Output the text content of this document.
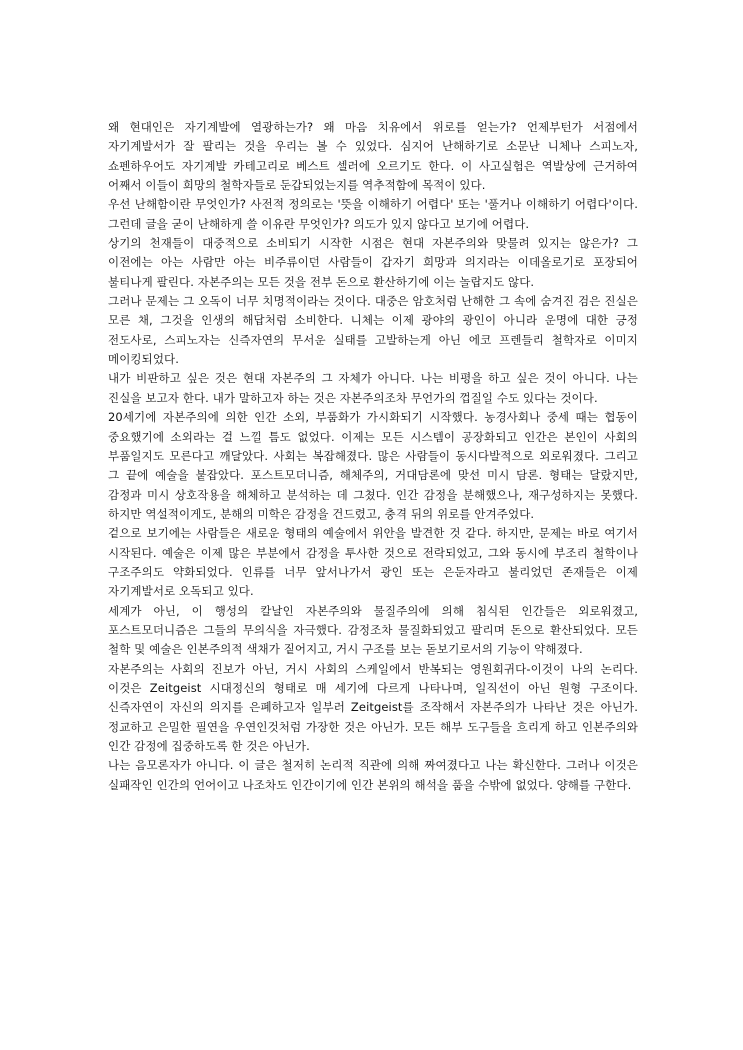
왜 현대인은 자기계발에 열광하는가? 왜 마음 치유에서 위로를 얻는가? 언제부턴가 서점에서 자기계발서가 잘 팔리는 것을 우리는 볼 수 있었다. 심지어 난해하기로 소문난 니체나 스피노자, 쇼펜하우어도 자기계발 카테고리로 베스트 셀러에 오르기도 한다. 이 사고실험은 역발상에 근거하여 어째서 이들이 희망의 철학자들로 둔갑되었는지를 역추적함에 목적이 있다.

우선 난해함이란 무엇인가? 사전적 정의로는 '뜻을 이해하기 어렵다' 또는 '풀거나 이해하기 어렵다'이다. 그런데 글을 굳이 난해하게 쓸 이유란 무엇인가? 의도가 있지 않다고 보기에 어렵다.

상기의 천재들이 대중적으로 소비되기 시작한 시점은 현대 자본주의와 맞물려 있지는 않은가? 그 이전에는 아는 사람만 아는 비주류이던 사람들이 갑자기 희망과 의지라는 이데올로기로 포장되어 불티나게 팔린다. 자본주의는 모든 것을 전부 돈으로 환산하기에 이는 놀랍지도 않다.

그러나 문제는 그 오독이 너무 치명적이라는 것이다. 대중은 암호처럼 난해한 그 속에 숨겨진 검은 진실은 모른 채, 그것을 인생의 해답처럼 소비한다. 니체는 이제 광야의 광인이 아니라 운명에 대한 긍정 전도사로, 스피노자는 신즉자연의 무서운 실태를 고발하는게 아닌 에코 프렌들리 철학자로 이미지 메이킹되었다.

내가 비판하고 싶은 것은 현대 자본주의 그 자체가 아니다. 나는 비평을 하고 싶은 것이 아니다. 나는 진실을 보고자 한다. 내가 말하고자 하는 것은 자본주의조차 무언가의 껍질일 수도 있다는 것이다.

20세기에 자본주의에 의한 인간 소외, 부품화가 가시화되기 시작했다. 농경사회나 중세 때는 협동이 중요했기에 소외라는 걸 느낄 틈도 없었다. 이제는 모든 시스템이 공장화되고 인간은 본인이 사회의 부품일지도 모른다고 깨달았다. 사회는 복잡해졌다. 많은 사람들이 동시다발적으로 외로워졌다. 그리고 그 끝에 예술을 붙잡았다. 포스트모더니즘, 해체주의, 거대담론에 맞선 미시 담론. 형태는 달랐지만, 감정과 미시 상호작용을 해체하고 분석하는 데 그쳤다. 인간 감정을 분해했으나, 재구성하지는 못했다. 하지만 역설적이게도, 분해의 미학은 감정을 건드렸고, 충격 뒤의 위로를 안겨주었다.

겉으로 보기에는 사람들은 새로운 형태의 예술에서 위안을 발견한 것 같다. 하지만, 문제는 바로 여기서 시작된다. 예술은 이제 많은 부분에서 감정을 투사한 것으로 전락되었고, 그와 동시에 부조리 철학이나 구조주의도 약화되었다. 인류를 너무 앞서나가서 광인 또는 은둔자라고 불리었던 존재들은 이제 자기계발서로 오독되고 있다.

세계가 아닌, 이 행성의 칼날인 자본주의와 물질주의에 의해 침식된 인간들은 외로워졌고, 포스트모더니즘은 그들의 무의식을 자극했다. 감정조차 물질화되었고 팔리며 돈으로 환산되었다. 모든 철학 및 예술은 인본주의적 색채가 짙어지고, 거시 구조를 보는 돋보기로서의 기능이 약해졌다.

자본주의는 사회의 진보가 아닌, 거시 사회의 스케일에서 반복되는 영원회귀다-이것이 나의 논리다. 이것은 Zeitgeist 시대정신의 형태로 매 세기에 다르게 나타나며, 일직선이 아닌 원형 구조이다. 신즉자연이 자신의 의지를 은폐하고자 일부러 Zeitgeist를 조작해서 자본주의가 나타난 것은 아닌가. 정교하고 은밀한 필연을 우연인것처럼 가장한 것은 아닌가. 모든 해부 도구들을 흐리게 하고 인본주의와 인간 감정에 집중하도록 한 것은 아닌가.

나는 음모론자가 아니다. 이 글은 철저히 논리적 직관에 의해 짜여졌다고 나는 확신한다. 그러나 이것은 실패작인 인간의 언어이고 나조차도 인간이기에 인간 본위의 해석을 품을 수밖에 없었다. 양해를 구한다.
